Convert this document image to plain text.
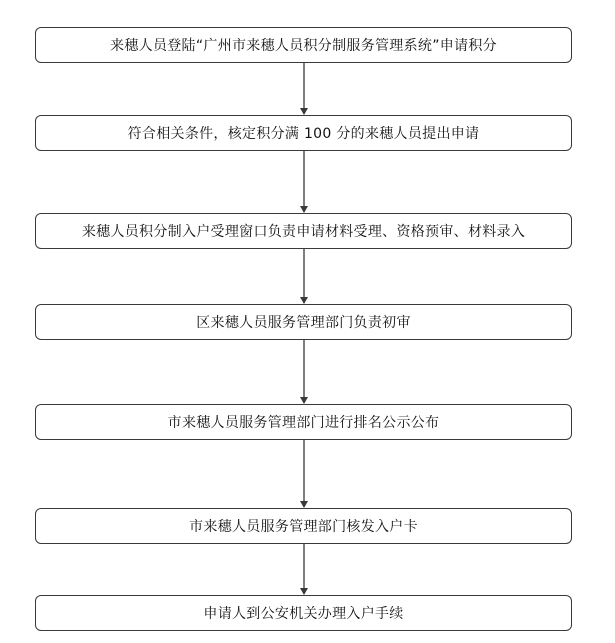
来穗人员登陆“广州市来穗人员积分制服务管理系统”申请积分
符合相关条件，核定积分满 100 分的来穗人员提出申请
来穗人员积分制入户受理窗口负责申请材料受理、资格预审、材料录入
区来穗人员服务管理部门负责初审
市来穗人员服务管理部门进行排名公示公布
市来穗人员服务管理部门核发入户卡
申请人到公安机关办理入户手续
